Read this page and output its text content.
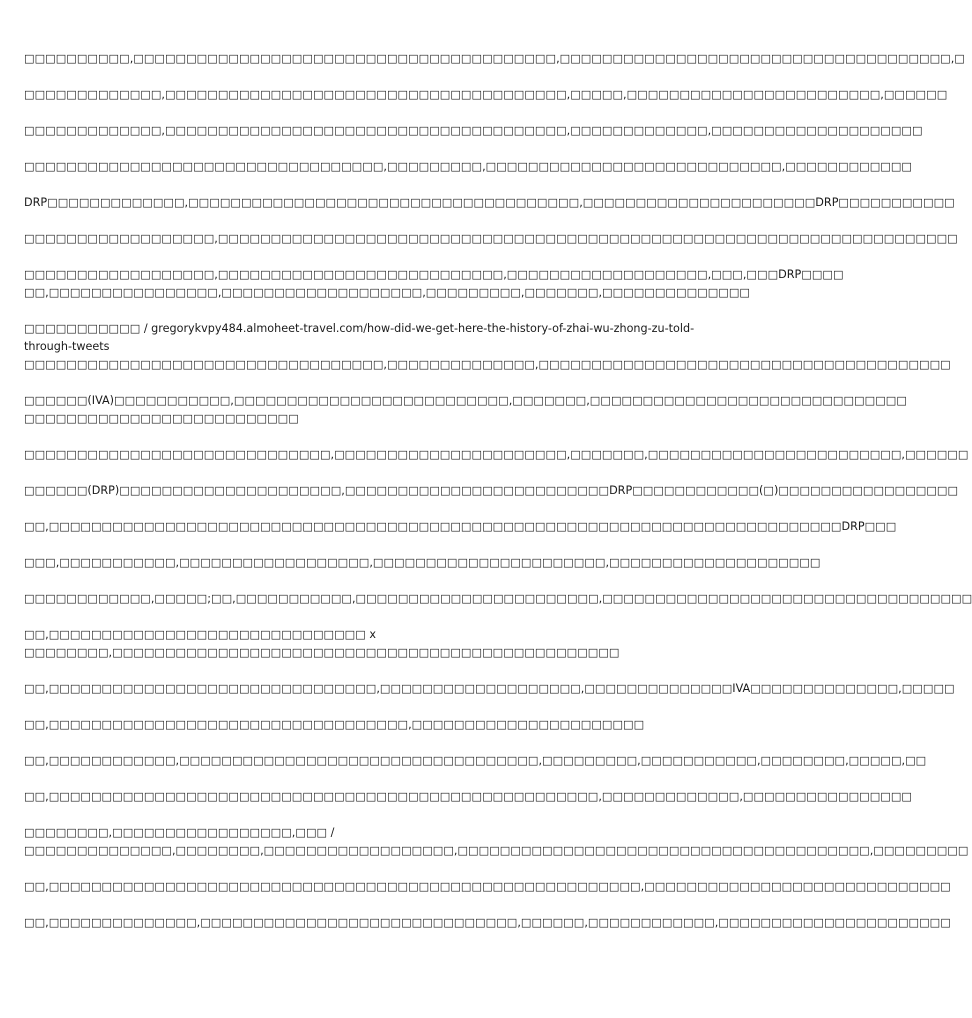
□□□□□□□□□□,□□□□□□□□□□□□□□□□□□□□□□□□□□□□□□□□□□□□□□□□,□□□□□□□□□□□□□□□□□□□□□□□□□□□□□□□□□□□□□,□

□□□□□□□□□□□□□,□□□□□□□□□□□□□□□□□□□□□□□□□□□□□□□□□□□□□□,□□□□□,□□□□□□□□□□□□□□□□□□□□□□□□,□□□□□□

□□□□□□□□□□□□□,□□□□□□□□□□□□□□□□□□□□□□□□□□□□□□□□□□□□□□,□□□□□□□□□□□□□,□□□□□□□□□□□□□□□□□□□□

□□□□□□□□□□□□□□□□□□□□□□□□□□□□□□□□□□,□□□□□□□□□,□□□□□□□□□□□□□□□□□□□□□□□□□□□□,□□□□□□□□□□□□

DRP□□□□□□□□□□□□□,□□□□□□□□□□□□□□□□□□□□□□□□□□□□□□□□□□□□□,□□□□□□□□□□□□□□□□□□□□□□DRP□□□□□□□□□□□

□□□□□□□□□□□□□□□□□□,□□□□□□□□□□□□□□□□□□□□□□□□□□□□□□□□□□□□□□□□□□□□□□□□□□□□□□□□□□□□□□□□□□□□□□

□□□□□□□□□□□□□□□□□□,□□□□□□□□□□□□□□□□□□□□□□□□□□□,□□□□□□□□□□□□□□□□□□□,□□□,□□□DRP□□□□
□□,□□□□□□□□□□□□□□□□,□□□□□□□□□□□□□□□□□□□,□□□□□□□□□,□□□□□□□,□□□□□□□□□□□□□□

□□□□□□□□□□□ / gregorykvpy484.almoheet-travel.com/how-did-we-get-here-the-history-of-zhai-wu-zhong-zu-told-through-tweets
□□□□□□□□□□□□□□□□□□□□□□□□□□□□□□□□□□,□□□□□□□□□□□□□□,□□□□□□□□□□□□□□□□□□□□□□□□□□□□□□□□□□□□□□□

□□□□□□(IVA)□□□□□□□□□□□,□□□□□□□□□□□□□□□□□□□□□□□□□□,□□□□□□□,□□□□□□□□□□□□□□□□□□□□□□□□□□□□□□
□□□□□□□□□□□□□□□□□□□□□□□□□□

□□□□□□□□□□□□□□□□□□□□□□□□□□□□□,□□□□□□□□□□□□□□□□□□□□□□,□□□□□□□,□□□□□□□□□□□□□□□□□□□□□□□□,□□□□□□

□□□□□□(DRP)□□□□□□□□□□□□□□□□□□□□□,□□□□□□□□□□□□□□□□□□□□□□□□□DRP□□□□□□□□□□□□(□)□□□□□□□□□□□□□□□□□

□□,□□□□□□□□□□□□□□□□□□□□□□□□□□□□□□□□□□□□□□□□□□□□□□□□□□□□□□□□□□□□□□□□□□□□□□□□□□□DRP□□□

□□□,□□□□□□□□□□□,□□□□□□□□□□□□□□□□□□,□□□□□□□□□□□□□□□□□□□□□□,□□□□□□□□□□□□□□□□□□□□

□□□□□□□□□□□□,□□□□□;□□,□□□□□□□□□□□,□□□□□□□□□□□□□□□□□□□□□□□,□□□□□□□□□□□□□□□□□□□□□□□□□□□□□□□□□□□

□□,□□□□□□□□□□□□□□□□□□□□□□□□□□□□□□ x
□□□□□□□□,□□□□□□□□□□□□□□□□□□□□□□□□□□□□□□□□□□□□□□□□□□□□□□□□

□□,□□□□□□□□□□□□□□□□□□□□□□□□□□□□□□□,□□□□□□□□□□□□□□□□□□□,□□□□□□□□□□□□□□IVA□□□□□□□□□□□□□□,□□□□□

□□,□□□□□□□□□□□□□□□□□□□□□□□□□□□□□□□□□□,□□□□□□□□□□□□□□□□□□□□□□

□□,□□□□□□□□□□□□,□□□□□□□□□□□□□□□□□□□□□□□□□□□□□□□□□□,□□□□□□□□□,□□□□□□□□□□□,□□□□□□□□,□□□□□,□□

□□,□□□□□□□□□□□□□□□□□□□□□□□□□□□□□□□□□□□□□□□□□□□□□□□□□□□□,□□□□□□□□□□□□□,□□□□□□□□□□□□□□□□

□□□□□□□□,□□□□□□□□□□□□□□□□□,□□□ /
□□□□□□□□□□□□□□,□□□□□□□□,□□□□□□□□□□□□□□□□□□,□□□□□□□□□□□□□□□□□□□□□□□□□□□□□□□□□□□□□□□,□□□□□□□□□

□□,□□□□□□□□□□□□□□□□□□□□□□□□□□□□□□□□□□□□□□□□□□□□□□□□□□□□□□□□,□□□□□□□□□□□□□□□□□□□□□□□□□□□□□

□□,□□□□□□□□□□□□□□,□□□□□□□□□□□□□□□□□□□□□□□□□□□□□□,□□□□□□,□□□□□□□□□□□□,□□□□□□□□□□□□□□□□□□□□□□
